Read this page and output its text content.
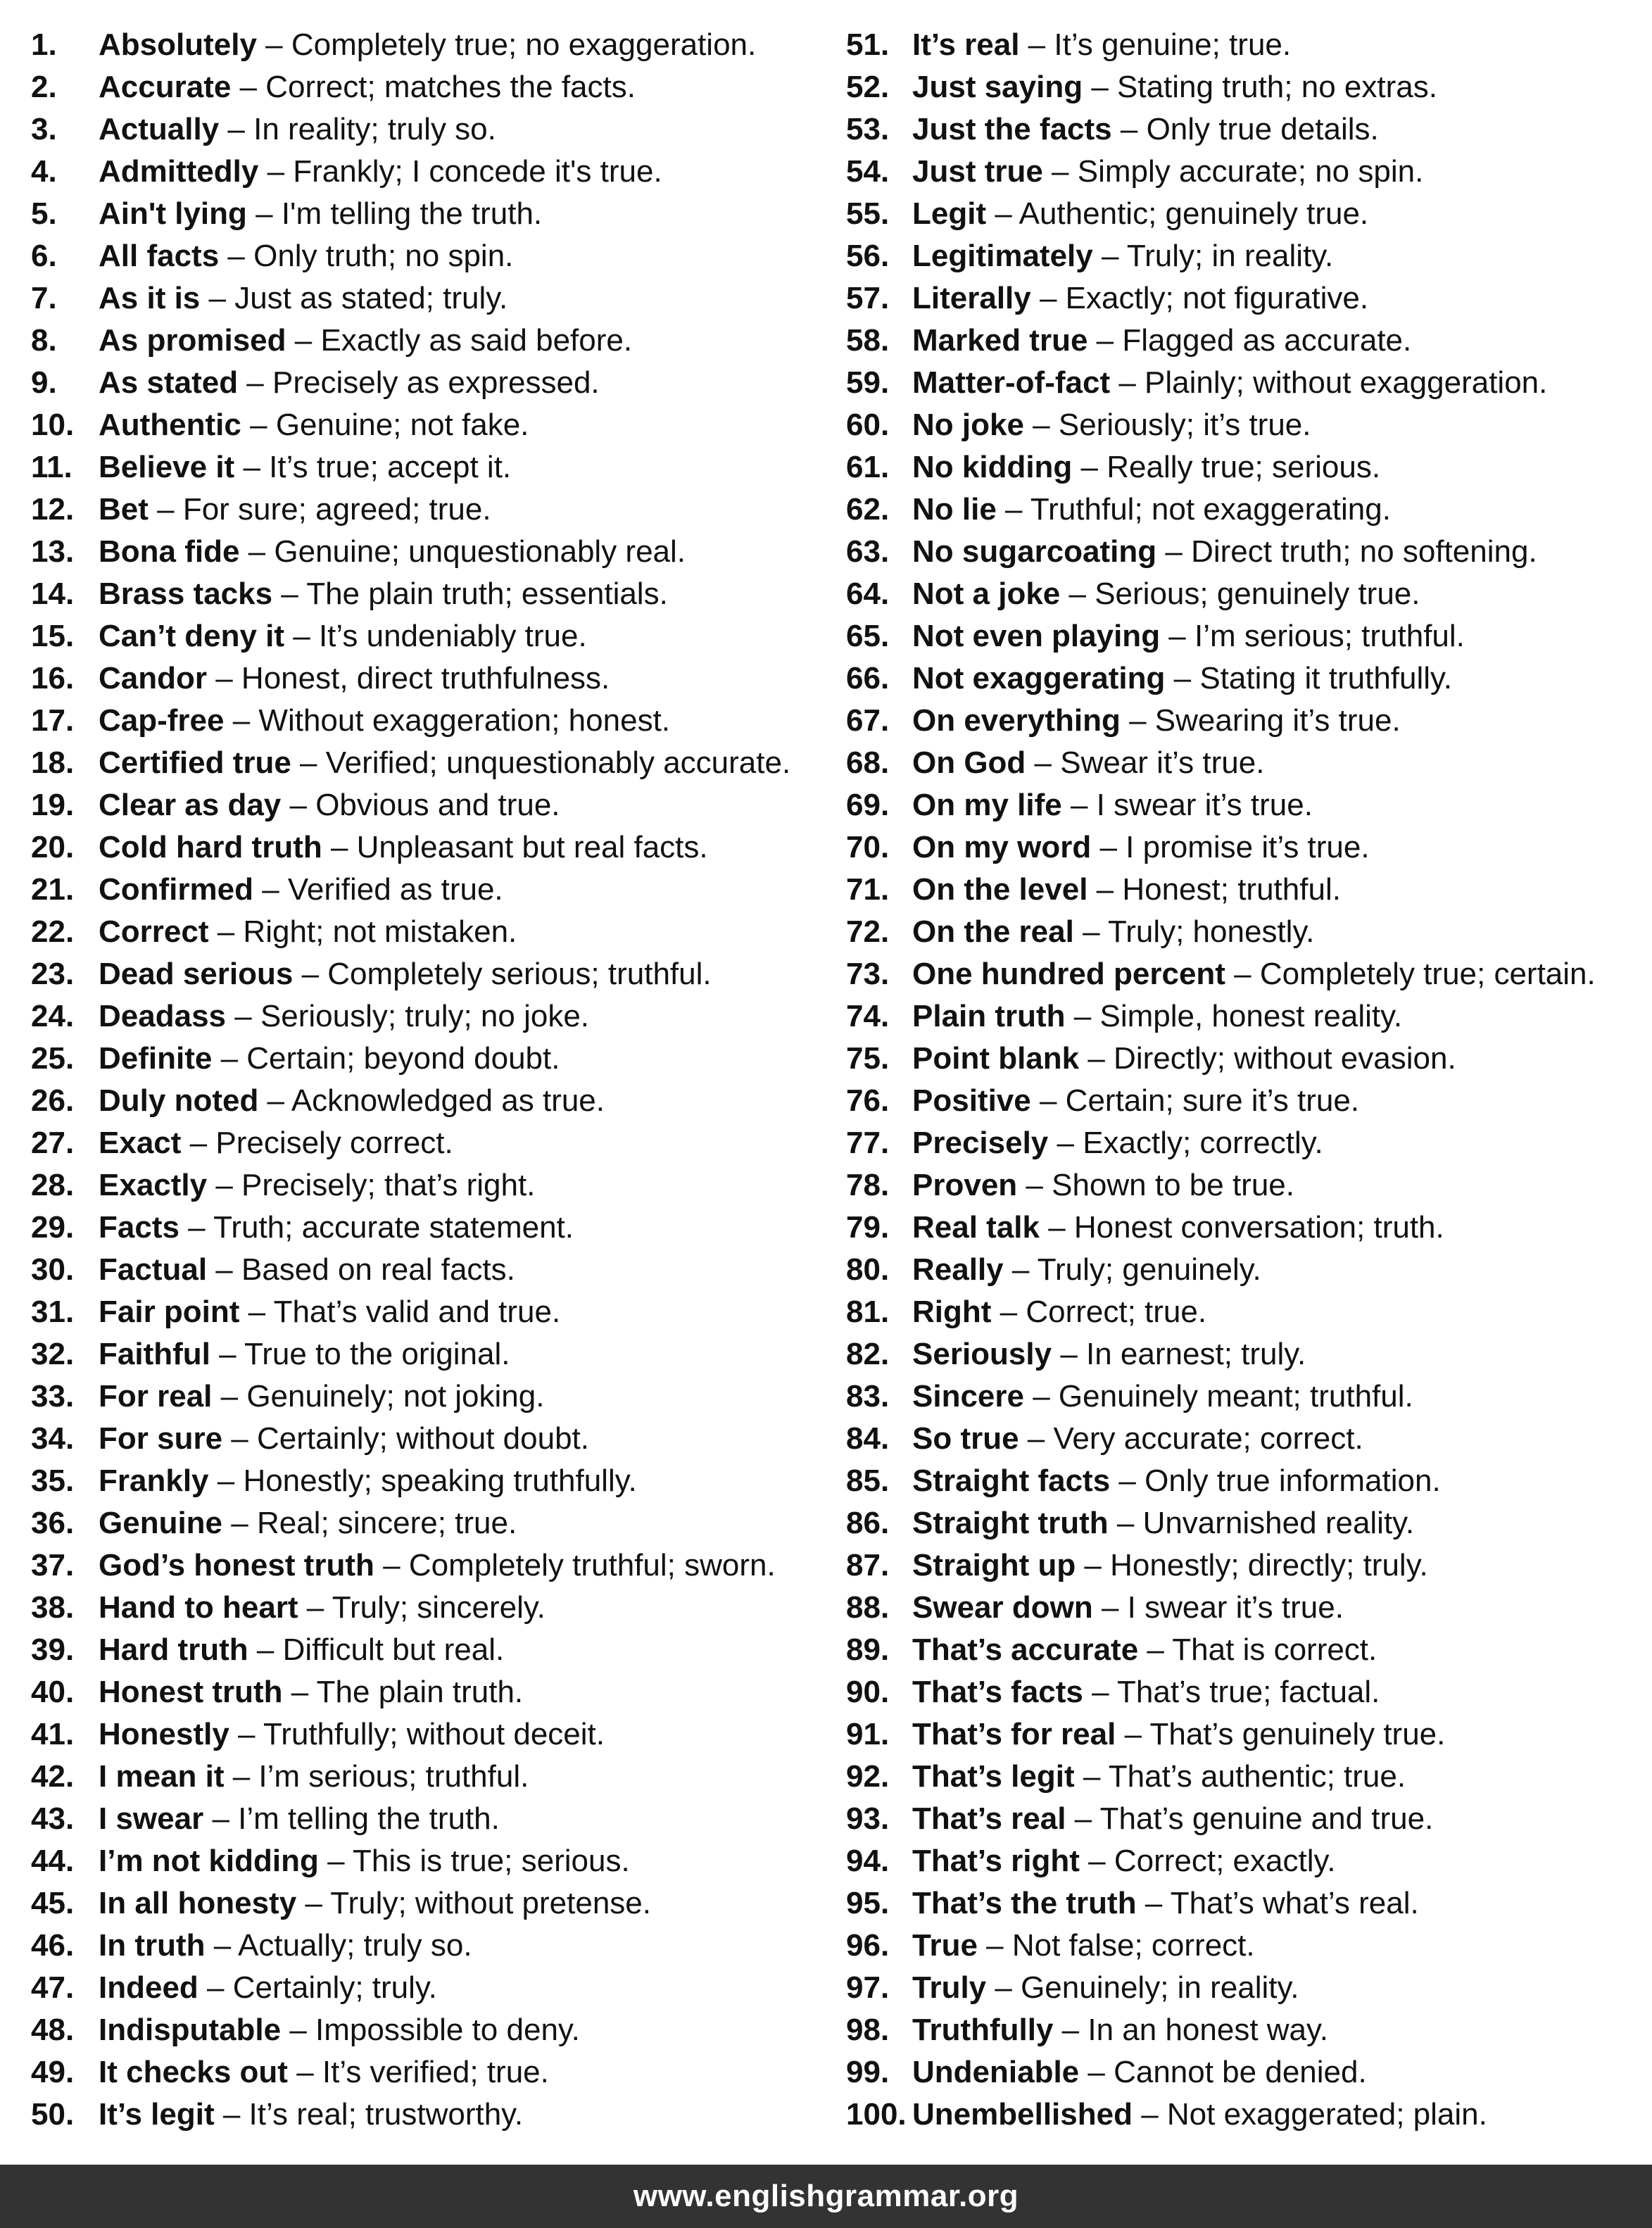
1. Absolutely – Completely true; no exaggeration.
2. Accurate – Correct; matches the facts.
3. Actually – In reality; truly so.
4. Admittedly – Frankly; I concede it's true.
5. Ain't lying – I'm telling the truth.
6. All facts – Only truth; no spin.
7. As it is – Just as stated; truly.
8. As promised – Exactly as said before.
9. As stated – Precisely as expressed.
10. Authentic – Genuine; not fake.
11. Believe it – It’s true; accept it.
12. Bet – For sure; agreed; true.
13. Bona fide – Genuine; unquestionably real.
14. Brass tacks – The plain truth; essentials.
15. Can’t deny it – It’s undeniably true.
16. Candor – Honest, direct truthfulness.
17. Cap-free – Without exaggeration; honest.
18. Certified true – Verified; unquestionably accurate.
19. Clear as day – Obvious and true.
20. Cold hard truth – Unpleasant but real facts.
21. Confirmed – Verified as true.
22. Correct – Right; not mistaken.
23. Dead serious – Completely serious; truthful.
24. Deadass – Seriously; truly; no joke.
25. Definite – Certain; beyond doubt.
26. Duly noted – Acknowledged as true.
27. Exact – Precisely correct.
28. Exactly – Precisely; that’s right.
29. Facts – Truth; accurate statement.
30. Factual – Based on real facts.
31. Fair point – That’s valid and true.
32. Faithful – True to the original.
33. For real – Genuinely; not joking.
34. For sure – Certainly; without doubt.
35. Frankly – Honestly; speaking truthfully.
36. Genuine – Real; sincere; true.
37. God’s honest truth – Completely truthful; sworn.
38. Hand to heart – Truly; sincerely.
39. Hard truth – Difficult but real.
40. Honest truth – The plain truth.
41. Honestly – Truthfully; without deceit.
42. I mean it – I’m serious; truthful.
43. I swear – I’m telling the truth.
44. I’m not kidding – This is true; serious.
45. In all honesty – Truly; without pretense.
46. In truth – Actually; truly so.
47. Indeed – Certainly; truly.
48. Indisputable – Impossible to deny.
49. It checks out – It’s verified; true.
50. It’s legit – It’s real; trustworthy.
51. It’s real – It’s genuine; true.
52. Just saying – Stating truth; no extras.
53. Just the facts – Only true details.
54. Just true – Simply accurate; no spin.
55. Legit – Authentic; genuinely true.
56. Legitimately – Truly; in reality.
57. Literally – Exactly; not figurative.
58. Marked true – Flagged as accurate.
59. Matter-of-fact – Plainly; without exaggeration.
60. No joke – Seriously; it’s true.
61. No kidding – Really true; serious.
62. No lie – Truthful; not exaggerating.
63. No sugarcoating – Direct truth; no softening.
64. Not a joke – Serious; genuinely true.
65. Not even playing – I’m serious; truthful.
66. Not exaggerating – Stating it truthfully.
67. On everything – Swearing it’s true.
68. On God – Swear it’s true.
69. On my life – I swear it’s true.
70. On my word – I promise it’s true.
71. On the level – Honest; truthful.
72. On the real – Truly; honestly.
73. One hundred percent – Completely true; certain.
74. Plain truth – Simple, honest reality.
75. Point blank – Directly; without evasion.
76. Positive – Certain; sure it’s true.
77. Precisely – Exactly; correctly.
78. Proven – Shown to be true.
79. Real talk – Honest conversation; truth.
80. Really – Truly; genuinely.
81. Right – Correct; true.
82. Seriously – In earnest; truly.
83. Sincere – Genuinely meant; truthful.
84. So true – Very accurate; correct.
85. Straight facts – Only true information.
86. Straight truth – Unvarnished reality.
87. Straight up – Honestly; directly; truly.
88. Swear down – I swear it’s true.
89. That’s accurate – That is correct.
90. That’s facts – That’s true; factual.
91. That’s for real – That’s genuinely true.
92. That’s legit – That’s authentic; true.
93. That’s real – That’s genuine and true.
94. That’s right – Correct; exactly.
95. That’s the truth – That’s what’s real.
96. True – Not false; correct.
97. Truly – Genuinely; in reality.
98. Truthfully – In an honest way.
99. Undeniable – Cannot be denied.
100. Unembellished – Not exaggerated; plain.
www.englishgrammar.org
